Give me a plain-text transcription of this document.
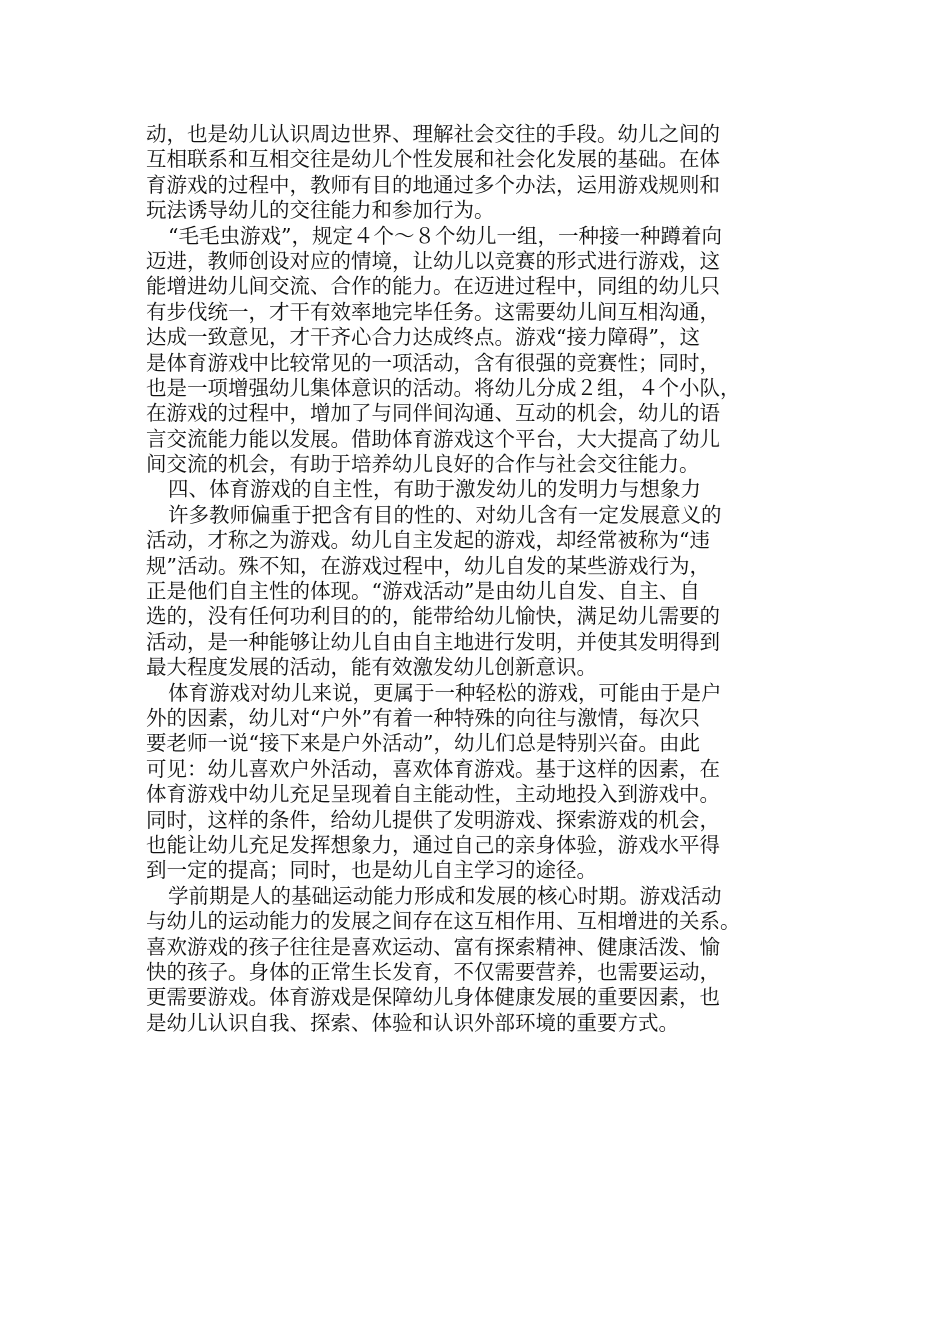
动，也是幼儿认识周边世界、理解社会交往的手段。幼儿之间的
互相联系和互相交往是幼儿个性发展和社会化发展的基础。在体
育游戏的过程中，教师有目的地通过多个办法，运用游戏规则和
玩法诱导幼儿的交往能力和参加行为。
“毛毛虫游戏”，规定４个～８个幼儿一组，一种接一种蹲着向
迈进，教师创设对应的情境，让幼儿以竞赛的形式进行游戏，这
能增进幼儿间交流、合作的能力。在迈进过程中，同组的幼儿只
有步伐统一，才干有效率地完毕任务。这需要幼儿间互相沟通，
达成一致意见，才干齐心合力达成终点。游戏“接力障碍”，这
是体育游戏中比较常见的一项活动，含有很强的竞赛性；同时，
也是一项增强幼儿集体意识的活动。将幼儿分成２组，４个小队，
在游戏的过程中，增加了与同伴间沟通、互动的机会，幼儿的语
言交流能力能以发展。借助体育游戏这个平台，大大提高了幼儿
间交流的机会，有助于培养幼儿良好的合作与社会交往能力。
四、体育游戏的自主性，有助于激发幼儿的发明力与想象力
许多教师偏重于把含有目的性的、对幼儿含有一定发展意义的
活动，才称之为游戏。幼儿自主发起的游戏，却经常被称为“违
规”活动。殊不知，在游戏过程中，幼儿自发的某些游戏行为，
正是他们自主性的体现。“游戏活动”是由幼儿自发、自主、自
选的，没有任何功利目的的，能带给幼儿愉快，满足幼儿需要的
活动，是一种能够让幼儿自由自主地进行发明，并使其发明得到
最大程度发展的活动，能有效激发幼儿创新意识。
体育游戏对幼儿来说，更属于一种轻松的游戏，可能由于是户
外的因素，幼儿对“户外”有着一种特殊的向往与激情，每次只
要老师一说“接下来是户外活动”，幼儿们总是特别兴奋。由此
可见：幼儿喜欢户外活动，喜欢体育游戏。基于这样的因素，在
体育游戏中幼儿充足呈现着自主能动性，主动地投入到游戏中。
同时，这样的条件，给幼儿提供了发明游戏、探索游戏的机会，
也能让幼儿充足发挥想象力，通过自己的亲身体验，游戏水平得
到一定的提高；同时，也是幼儿自主学习的途径。
学前期是人的基础运动能力形成和发展的核心时期。游戏活动
与幼儿的运动能力的发展之间存在这互相作用、互相增进的关系。
喜欢游戏的孩子往往是喜欢运动、富有探索精神、健康活泼、愉
快的孩子。身体的正常生长发育，不仅需要营养，也需要运动，
更需要游戏。体育游戏是保障幼儿身体健康发展的重要因素，也
是幼儿认识自我、探索、体验和认识外部环境的重要方式。
